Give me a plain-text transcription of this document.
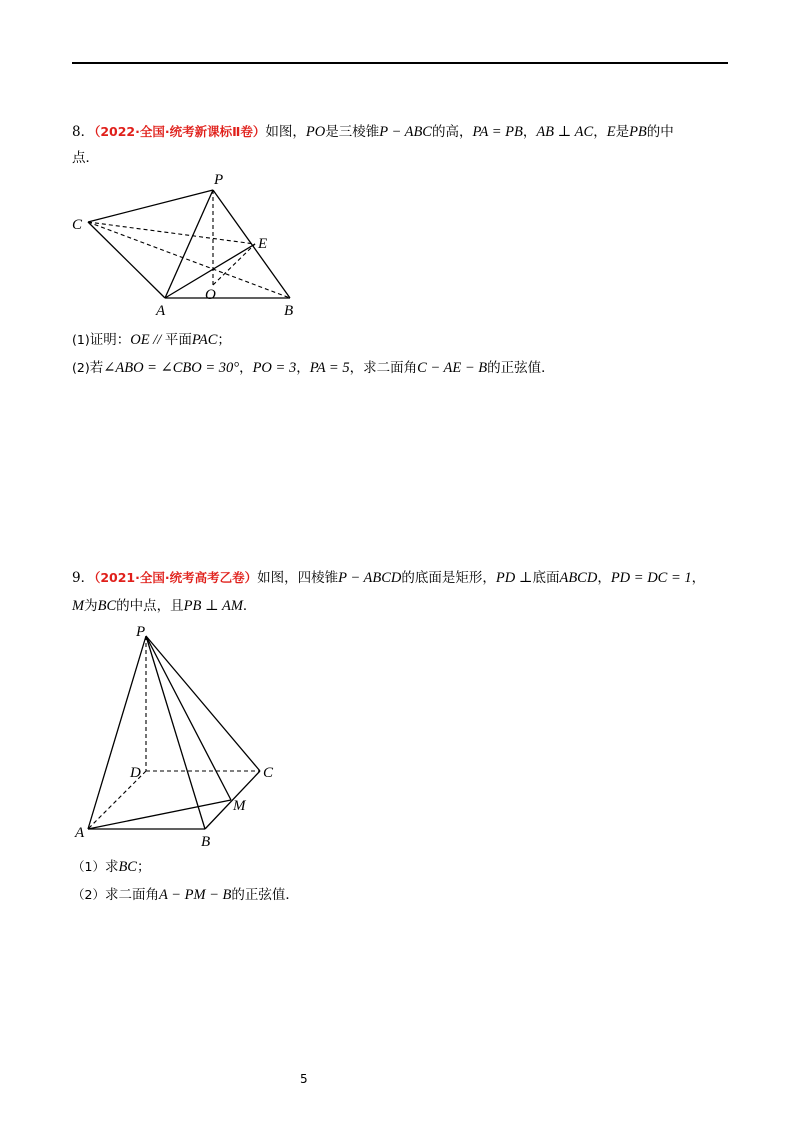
8．（2022·全国·统考新课标Ⅱ卷）如图，PO是三棱锥P − ABC的高，PA = PB，AB ⊥ AC，E是PB的中
点．
P
C
E
A
O
B
(1)证明：OE // 平面PAC；
(2)若∠ABO = ∠CBO = 30°，PO = 3，PA = 5，求二面角C − AE − B的正弦值．
9．（2021·全国·统考高考乙卷）如图，四棱锥P − ABCD的底面是矩形，PD ⊥底面ABCD，PD = DC = 1，
M为BC的中点，且PB ⊥ AM．
P
D	C
M
A
B
（1）求BC；
（2）求二面角A − PM − B的正弦值．
5
